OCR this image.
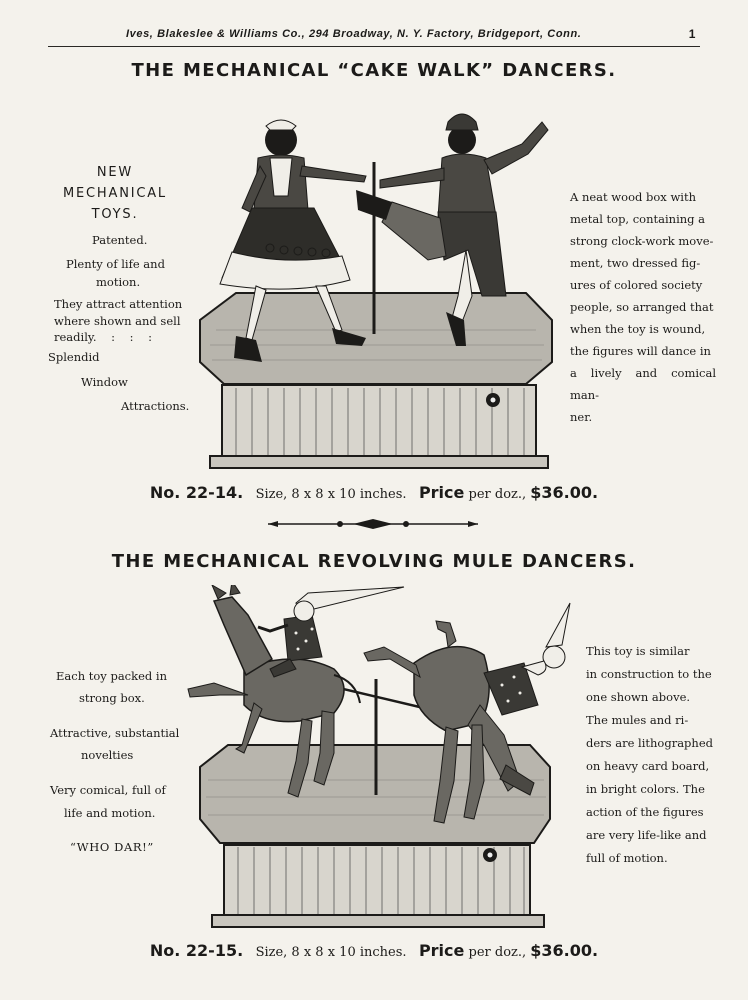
Ives, Blakeslee & Williams Co., 294 Broadway, N. Y. Factory, Bridgeport, Conn.	1
THE MECHANICAL “CAKE WALK” DANCERS.
NEW
MECHANICAL
TOYS.
Patented.
Plenty of life and
motion.
They attract attention
where shown and sell
readily.    :    :    :
Splendid
Window
Attractions.
A neat wood box with
metal top, containing a
strong clock-work move-
ment, two dressed fig-
ures of colored society
people, so arranged that
when the toy is wound,
the figures will dance in
a lively and comical man-
ner.
No. 22-14. Size, 8 x 8 x 10 inches. Price per doz., $36.00.
THE MECHANICAL REVOLVING MULE DANCERS.
Each toy packed in
strong box.
Attractive, substantial
novelties
Very comical, full of
life and motion.
“WHO DAR!”
This toy is similar
in construction to the
one shown above.
The mules and ri-
ders are lithographed
on heavy card board,
in bright colors. The
action of the figures
are very life-like and
full of motion.
No. 22-15. Size, 8 x 8 x 10 inches. Price per doz., $36.00.
